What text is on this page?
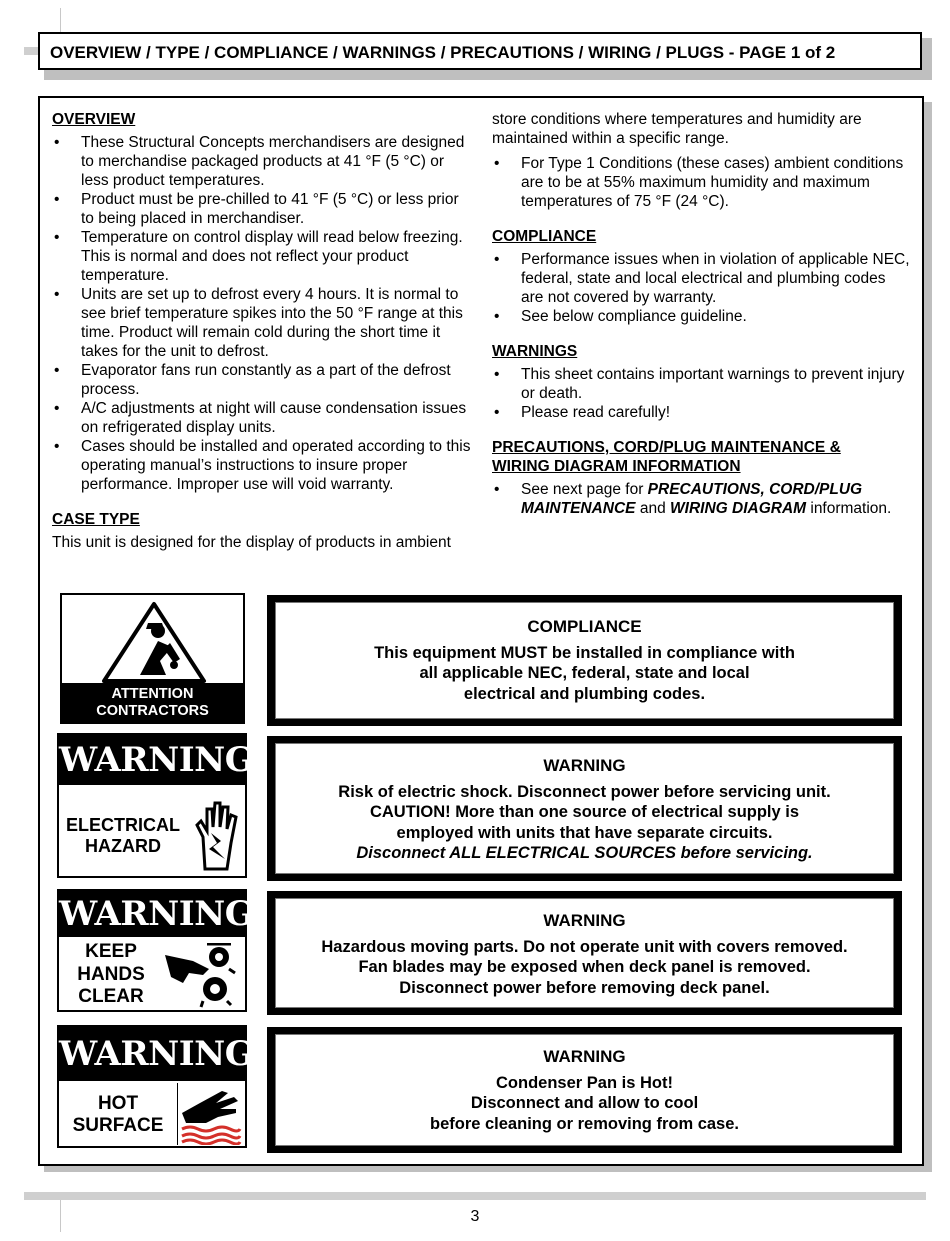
OVERVIEW / TYPE / COMPLIANCE / WARNINGS / PRECAUTIONS / WIRING / PLUGS - PAGE 1 of 2
OVERVIEW
• These Structural Concepts merchandisers are designed to merchandise packaged products at 41 °F (5 °C) or less product temperatures.
• Product must be pre-chilled to 41 °F (5 °C) or less prior to being placed in merchandiser.
• Temperature on control display will read below freezing. This is normal and does not reflect your product temperature.
• Units are set up to defrost every 4 hours. It is normal to see brief temperature spikes into the 50 °F range at this time. Product will remain cold during the short time it takes for the unit to defrost.
• Evaporator fans run constantly as a part of the defrost process.
• A/C adjustments at night will cause condensation issues on refrigerated display units.
• Cases should be installed and operated according to this operating manual’s instructions to insure proper performance. Improper use will void warranty.
CASE TYPE

This unit is designed for the display of products in ambient

store conditions where temperatures and humidity are maintained within a specific range.

• For Type 1 Conditions (these cases) ambient conditions are to be at 55% maximum humidity and maximum temperatures of 75 °F (24 °C).
COMPLIANCE
• Performance issues when in violation of applicable NEC, federal, state and local electrical and plumbing codes are not covered by warranty.
• See below compliance guideline.
WARNINGS
• This sheet contains important warnings to prevent injury or death.
• Please read carefully!
PRECAUTIONS, CORD/PLUG MAINTENANCE &
WIRING DIAGRAM INFORMATION
• See next page for PRECAUTIONS, CORD/PLUG MAINTENANCE and WIRING DIAGRAM information.
ATTENTION
CONTRACTORS
WARNING
ELECTRICAL
HAZARD
WARNING
KEEP
HANDS
CLEAR
WARNING
HOT
SURFACE
COMPLIANCE
This equipment MUST be installed in compliance with
all applicable NEC, federal, state and local
electrical and plumbing codes.
WARNING
Risk of electric shock. Disconnect power before servicing unit.
CAUTION! More than one source of electrical supply is
employed with units that have separate circuits.
Disconnect ALL ELECTRICAL SOURCES before servicing.
WARNING
Hazardous moving parts. Do not operate unit with covers removed.
Fan blades may be exposed when deck panel is removed.
Disconnect power before removing deck panel.
WARNING
Condenser Pan is Hot!
Disconnect and allow to cool
before cleaning or removing from case.
3
